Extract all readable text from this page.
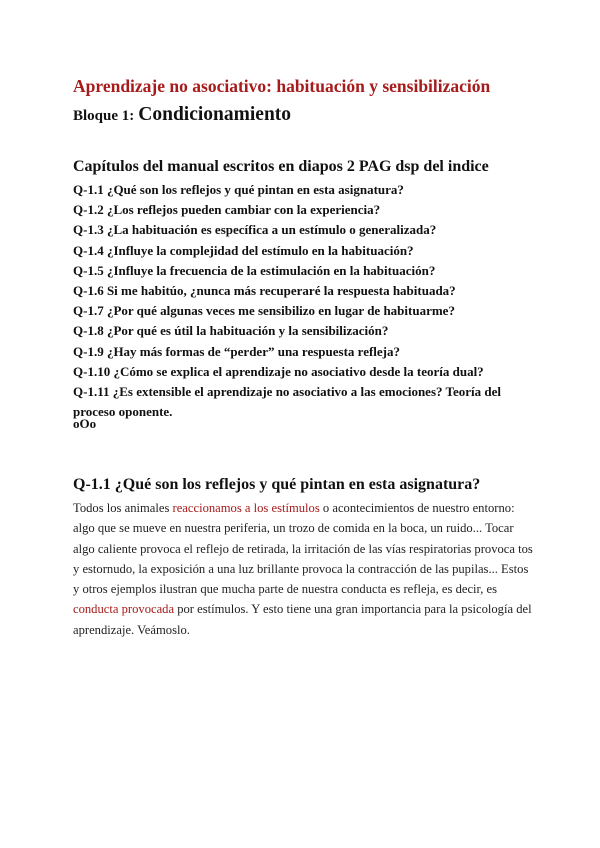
Aprendizaje no asociativo: habituación y sensibilización

Bloque 1: Condicionamiento

Capítulos del manual escritos en diapos 2 PAG dsp del indice
Q-1.1 ¿Qué son los reflejos y qué pintan en esta asignatura?
Q-1.2 ¿Los reflejos pueden cambiar con la experiencia?
Q-1.3 ¿La habituación es específica a un estímulo o generalizada?
Q-1.4 ¿Influye la complejidad del estímulo en la habituación?
Q-1.5 ¿Influye la frecuencia de la estimulación en la habituación?
Q-1.6 Si me habitúo, ¿nunca más recuperaré la respuesta habituada?
Q-1.7 ¿Por qué algunas veces me sensibilizo en lugar de habituarme?
Q-1.8 ¿Por qué es útil la habituación y la sensibilización?
Q-1.9 ¿Hay más formas de “perder” una respuesta refleja?
Q-1.10 ¿Cómo se explica el aprendizaje no asociativo desde la teoría dual?
Q-1.11 ¿Es extensible el aprendizaje no asociativo a las emociones? Teoría del proceso oponente.

oOo

Q-1.1 ¿Qué son los reflejos y qué pintan en esta asignatura?

Todos los animales reaccionamos a los estímulos o acontecimientos de nuestro entorno: algo que se mueve en nuestra periferia, un trozo de comida en la boca, un ruido... Tocar algo caliente provoca el reflejo de retirada, la irritación de las vías respiratorias provoca tos y estornudo, la exposición a una luz brillante provoca la contracción de las pupilas... Estos y otros ejemplos ilustran que mucha parte de nuestra conducta es refleja, es decir, es conducta provocada por estímulos. Y esto tiene una gran importancia para la psicología del aprendizaje. Veámoslo.
